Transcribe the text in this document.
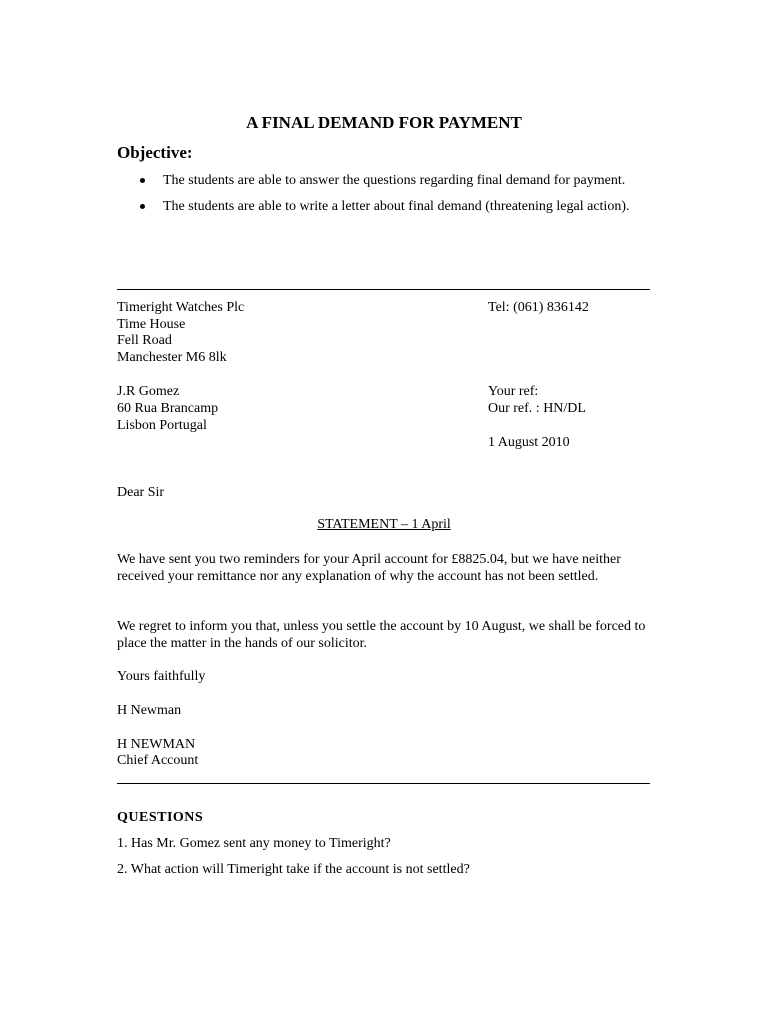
A FINAL DEMAND FOR PAYMENT
Objective:
The students are able to answer the questions regarding final demand for payment.
The students are able to write a letter about final demand (threatening legal action).
Timeright Watches Plc
Time House
Fell Road
Manchester M6 8lk
Tel: (061) 836142
J.R Gomez
60 Rua Brancamp
Lisbon Portugal
Your ref:
Our ref. : HN/DL
1 August 2010
Dear Sir
STATEMENT – 1 April
We have sent you two reminders for your April account for £8825.04, but we have neither received your remittance nor any explanation of why the account has not been settled.
We regret to inform you that, unless you settle the account by 10 August, we shall be forced to place the matter in the hands of our solicitor.
Yours faithfully
H Newman
H NEWMAN
Chief Account
QUESTIONS
1. Has Mr. Gomez sent any money to Timeright?
2. What action will Timeright take if the account is not settled?
